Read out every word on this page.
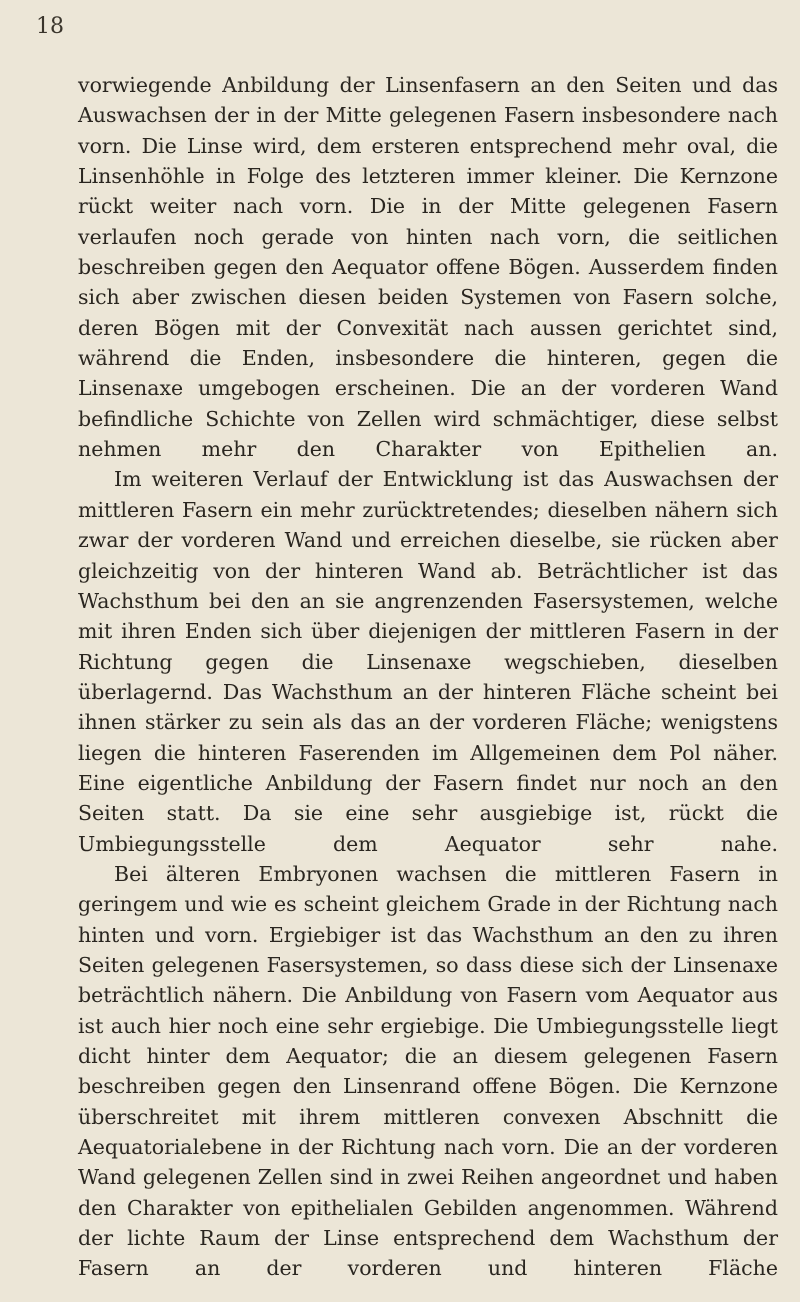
18

vorwiegende Anbildung der Linsenfasern an den Seiten und das Auswachsen der in der Mitte gelegenen Fasern insbesondere nach vorn. Die Linse wird, dem ersteren entsprechend mehr oval, die Linsenhöhle in Folge des letzteren immer kleiner. Die Kernzone rückt weiter nach vorn. Die in der Mitte gelegenen Fasern verlaufen noch gerade von hinten nach vorn, die seitlichen beschreiben gegen den Aequator offene Bögen. Ausserdem finden sich aber zwischen diesen beiden Systemen von Fasern solche, deren Bögen mit der Convexität nach aussen gerichtet sind, während die Enden, insbesondere die hinteren, gegen die Linsenaxe umgebogen erscheinen. Die an der vorderen Wand befindliche Schichte von Zellen wird schmächtiger, diese selbst nehmen mehr den Charakter von Epithelien an.

Im weiteren Verlauf der Entwicklung ist das Auswachsen der mittleren Fasern ein mehr zurücktretendes; dieselben nähern sich zwar der vorderen Wand und erreichen dieselbe, sie rücken aber gleichzeitig von der hinteren Wand ab. Beträchtlicher ist das Wachsthum bei den an sie angrenzenden Fasersystemen, welche mit ihren Enden sich über diejenigen der mittleren Fasern in der Richtung gegen die Linsenaxe wegschieben, dieselben überlagernd. Das Wachsthum an der hinteren Fläche scheint bei ihnen stärker zu sein als das an der vorderen Fläche; wenigstens liegen die hinteren Faserenden im Allgemeinen dem Pol näher. Eine eigentliche Anbildung der Fasern findet nur noch an den Seiten statt. Da sie eine sehr ausgiebige ist, rückt die Umbiegungsstelle dem Aequator sehr nahe.

Bei älteren Embryonen wachsen die mittleren Fasern in geringem und wie es scheint gleichem Grade in der Richtung nach hinten und vorn. Ergiebiger ist das Wachsthum an den zu ihren Seiten gelegenen Fasersystemen, so dass diese sich der Linsenaxe beträchtlich nähern. Die Anbildung von Fasern vom Aequator aus ist auch hier noch eine sehr ergiebige. Die Umbiegungsstelle liegt dicht hinter dem Aequator; die an diesem gelegenen Fasern beschreiben gegen den Linsenrand offene Bögen. Die Kernzone überschreitet mit ihrem mittleren convexen Abschnitt die Aequatorialebene in der Richtung nach vorn. Die an der vorderen Wand gelegenen Zellen sind in zwei Reihen angeordnet und haben den Charakter von epithelialen Gebilden angenommen. Während der lichte Raum der Linse entsprechend dem Wachsthum der Fasern an der vorderen und hinteren Fläche
